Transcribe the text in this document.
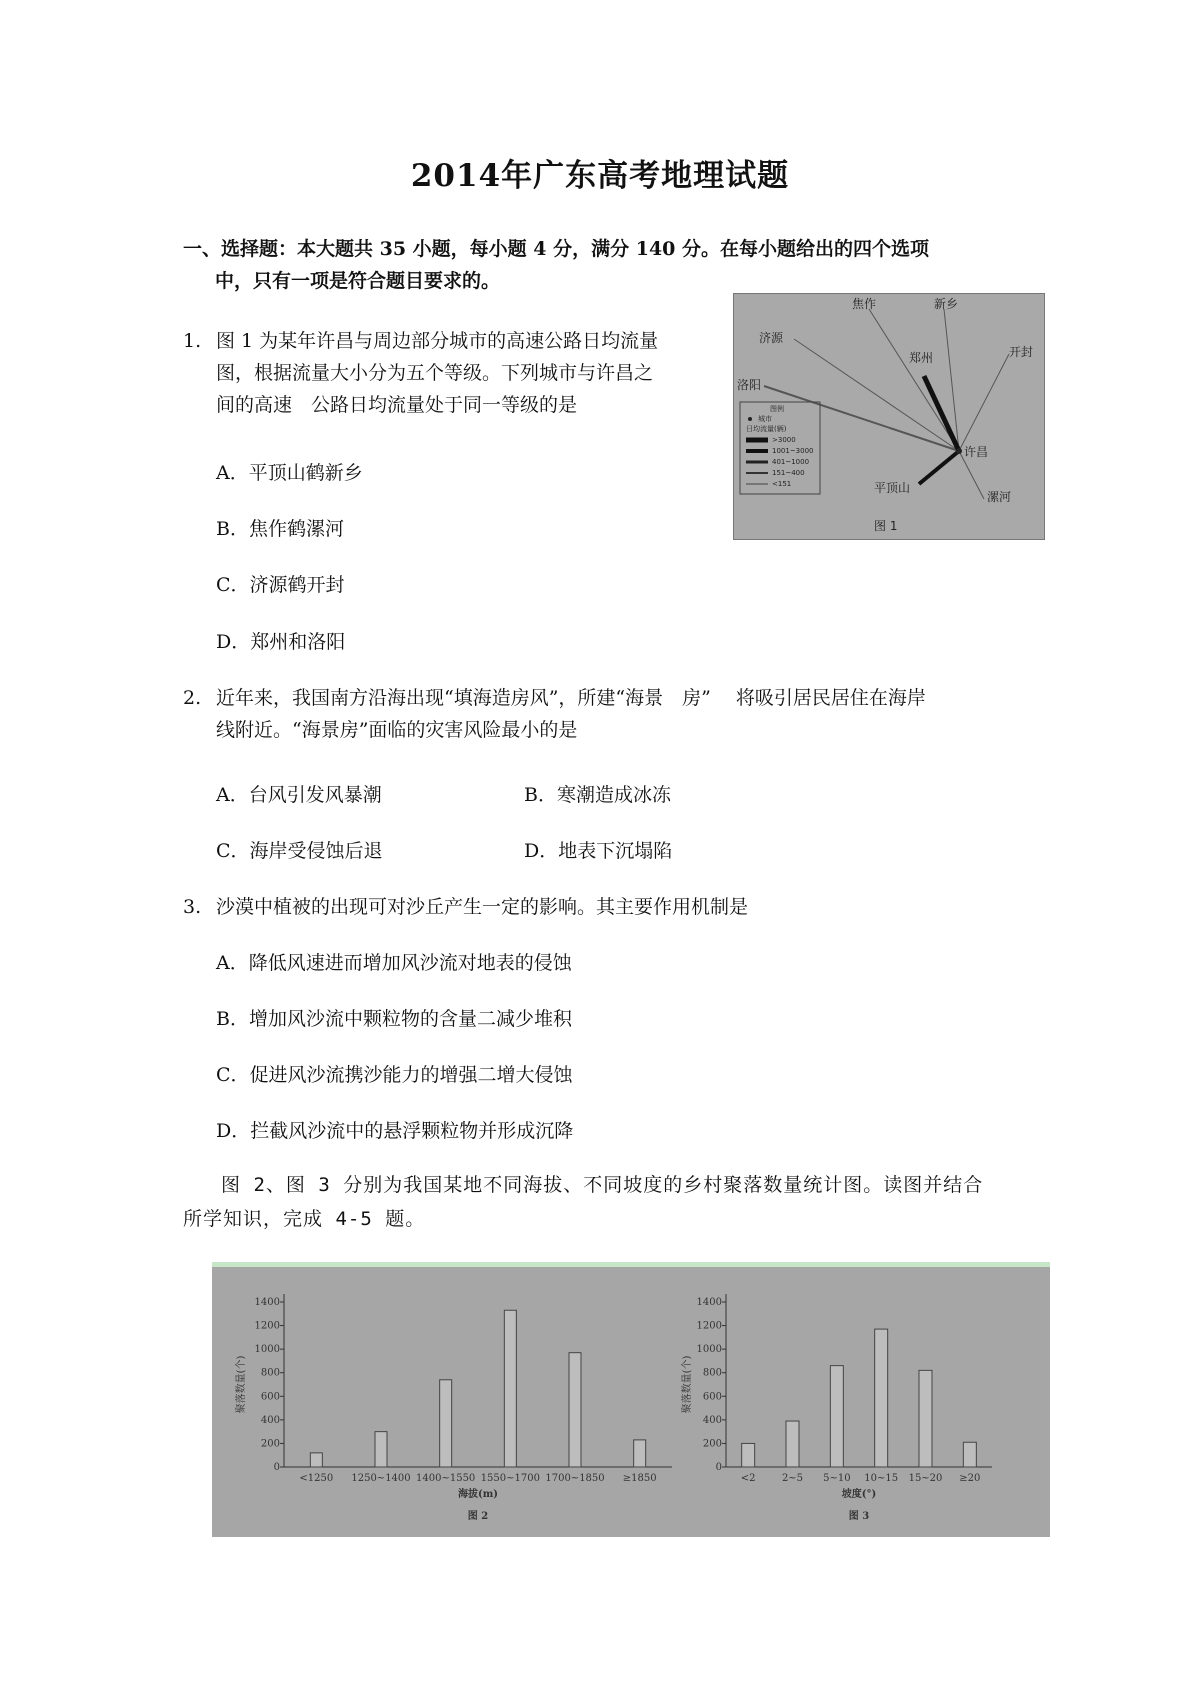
2014年广东高考地理试题
一、选择题：本大题共 35 小题，每小题 4 分，满分 140 分。在每小题给出的四个选项
中，只有一项是符合题目要求的。
1. 图 1 为某年许昌与周边部分城市的高速公路日均流量
图，根据流量大小分为五个等级。下列城市与许昌之
间的高速　公路日均流量处于同一等级的是
A．平顶山鹤新乡
B．焦作鹤漯河
C．济源鹤开封
D．郑州和洛阳
焦作	新乡
济源
郑州	开封
洛阳
许昌
平顶山
漯河
图 1
图例
城市
日均流量(辆)
>3000
1001~3000
401~1000
151~400
<151
2. 近年来，我国南方沿海出现“填海造房风”，所建“海景　房”　 将吸引居民居住在海岸
线附近。“海景房”面临的灾害风险最小的是
A．台风引发风暴潮	B．寒潮造成冰冻
C．海岸受侵蚀后退	D．地表下沉塌陷
3. 沙漠中植被的出现可对沙丘产生一定的影响。其主要作用机制是
A．降低风速进而增加风沙流对地表的侵蚀
B．增加风沙流中颗粒物的含量二减少堆积
C．促进风沙流携沙能力的增强二增大侵蚀
D．拦截风沙流中的悬浮颗粒物并形成沉降
图 2、图 3 分别为我国某地不同海拔、不同坡度的乡村聚落数量统计图。读图并结合
所学知识，完成 4-5 题。
0
200
400
600
800
1000
1200
1400
<1250 1250~1400 1400~1550 1550~1700 1700~1850 ≥1850
海拔(m)
聚落数量(个)
图 2
0
200
400
600
800
1000
1200
1400
<2	2~5 5~10 10~15 15~20 ≥20
坡度(°)
聚落数量(个)
图 3
